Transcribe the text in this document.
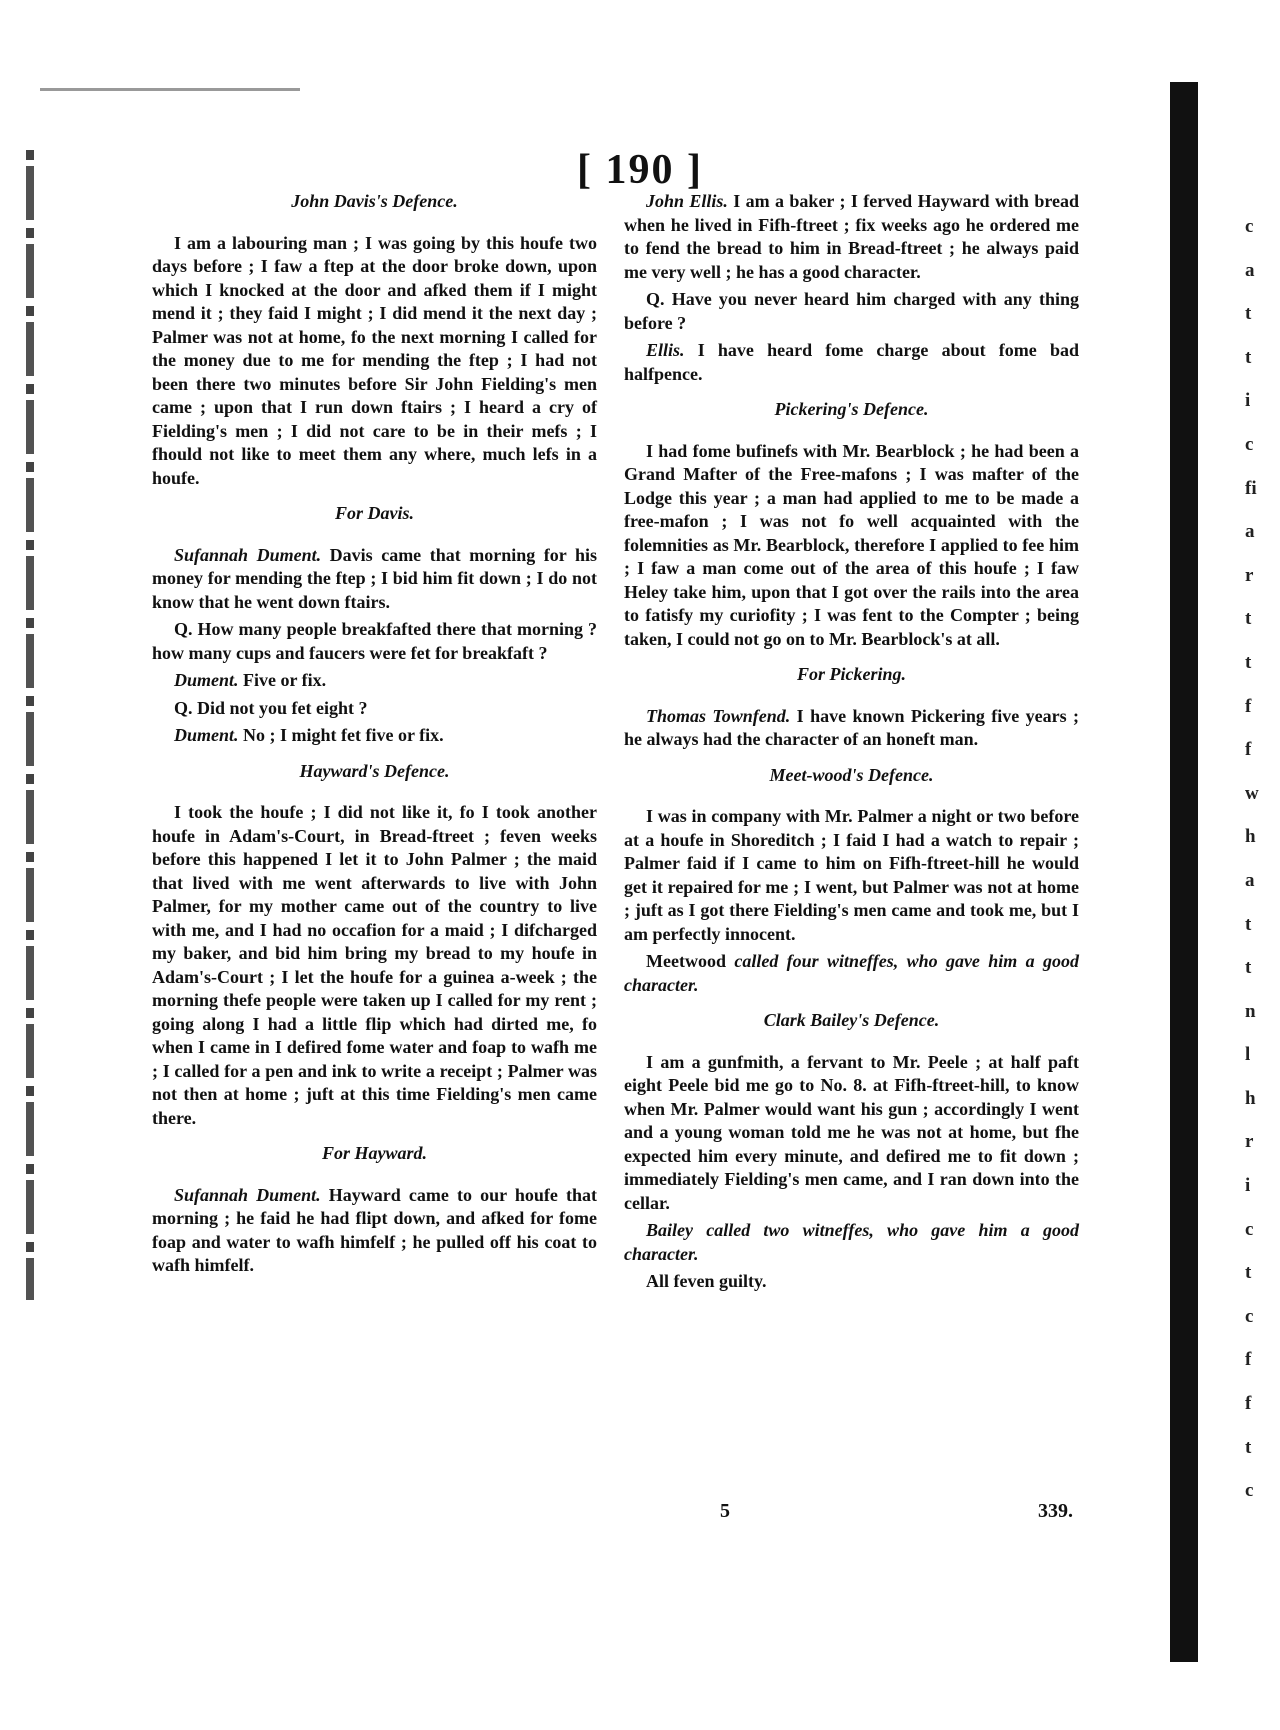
c
a
t
t
i
c
fi
a
r
t
t
f
f
w
h
a
t
t
n
l
h
r
i
c
t
c
f
f
t
c
[ 190 ]
John Davis's Defence.

I am a labouring man ; I was going by this houfe two days before ; I faw a ftep at the door broke down, upon which I knocked at the door and afked them if I might mend it ; they faid I might ; I did mend it the next day ; Palmer was not at home, fo the next morning I called for the money due to me for mending the ftep ; I had not been there two minutes before Sir John Fielding's men came ; upon that I run down ftairs ; I heard a cry of Fielding's men ; I did not care to be in their mefs ; I fhould not like to meet them any where, much lefs in a houfe.

For Davis.

Sufannah Dument. Davis came that morning for his money for mending the ftep ; I bid him fit down ; I do not know that he went down ftairs.

Q. How many people breakfafted there that morning ? how many cups and faucers were fet for breakfaft ?

Dument. Five or fix.

Q. Did not you fet eight ?

Dument. No ; I might fet five or fix.

Hayward's Defence.

I took the houfe ; I did not like it, fo I took another houfe in Adam's-Court, in Bread-ftreet ; feven weeks before this happened I let it to John Palmer ; the maid that lived with me went afterwards to live with John Palmer, for my mother came out of the country to live with me, and I had no occafion for a maid ; I difcharged my baker, and bid him bring my bread to my houfe in Adam's-Court ; I let the houfe for a guinea a-week ; the morning thefe people were taken up I called for my rent ; going along I had a little flip which had dirted me, fo when I came in I defired fome water and foap to wafh me ; I called for a pen and ink to write a receipt ; Palmer was not then at home ; juft at this time Fielding's men came there.

For Hayward.

Sufannah Dument. Hayward came to our houfe that morning ; he faid he had flipt down, and afked for fome foap and water to wafh himfelf ; he pulled off his coat to wafh himfelf.

John Ellis. I am a baker ; I ferved Hayward with bread when he lived in Fifh-ftreet ; fix weeks ago he ordered me to fend the bread to him in Bread-ftreet ; he always paid me very well ; he has a good character.

Q. Have you never heard him charged with any thing before ?

Ellis. I have heard fome charge about fome bad halfpence.

Pickering's Defence.

I had fome bufinefs with Mr. Bearblock ; he had been a Grand Mafter of the Free-mafons ; I was mafter of the Lodge this year ; a man had applied to me to be made a free-mafon ; I was not fo well acquainted with the folemnities as Mr. Bearblock, therefore I applied to fee him ; I faw a man come out of the area of this houfe ; I faw Heley take him, upon that I got over the rails into the area to fatisfy my curiofity ; I was fent to the Compter ; being taken, I could not go on to Mr. Bearblock's at all.

For Pickering.

Thomas Townfend. I have known Pickering five years ; he always had the character of an honeft man.

Meet-wood's Defence.

I was in company with Mr. Palmer a night or two before at a houfe in Shoreditch ; I faid I had a watch to repair ; Palmer faid if I came to him on Fifh-ftreet-hill he would get it repaired for me ; I went, but Palmer was not at home ; juft as I got there Fielding's men came and took me, but I am perfectly innocent.

Meetwood called four witneffes, who gave him a good character.

Clark Bailey's Defence.

I am a gunfmith, a fervant to Mr. Peele ; at half paft eight Peele bid me go to No. 8. at Fifh-ftreet-hill, to know when Mr. Palmer would want his gun ; accordingly I went and a young woman told me he was not at home, but fhe expected him every minute, and defired me to fit down ; immediately Fielding's men came, and I ran down into the cellar.

Bailey called two witneffes, who gave him a good character.

All feven guilty.

5	339.
